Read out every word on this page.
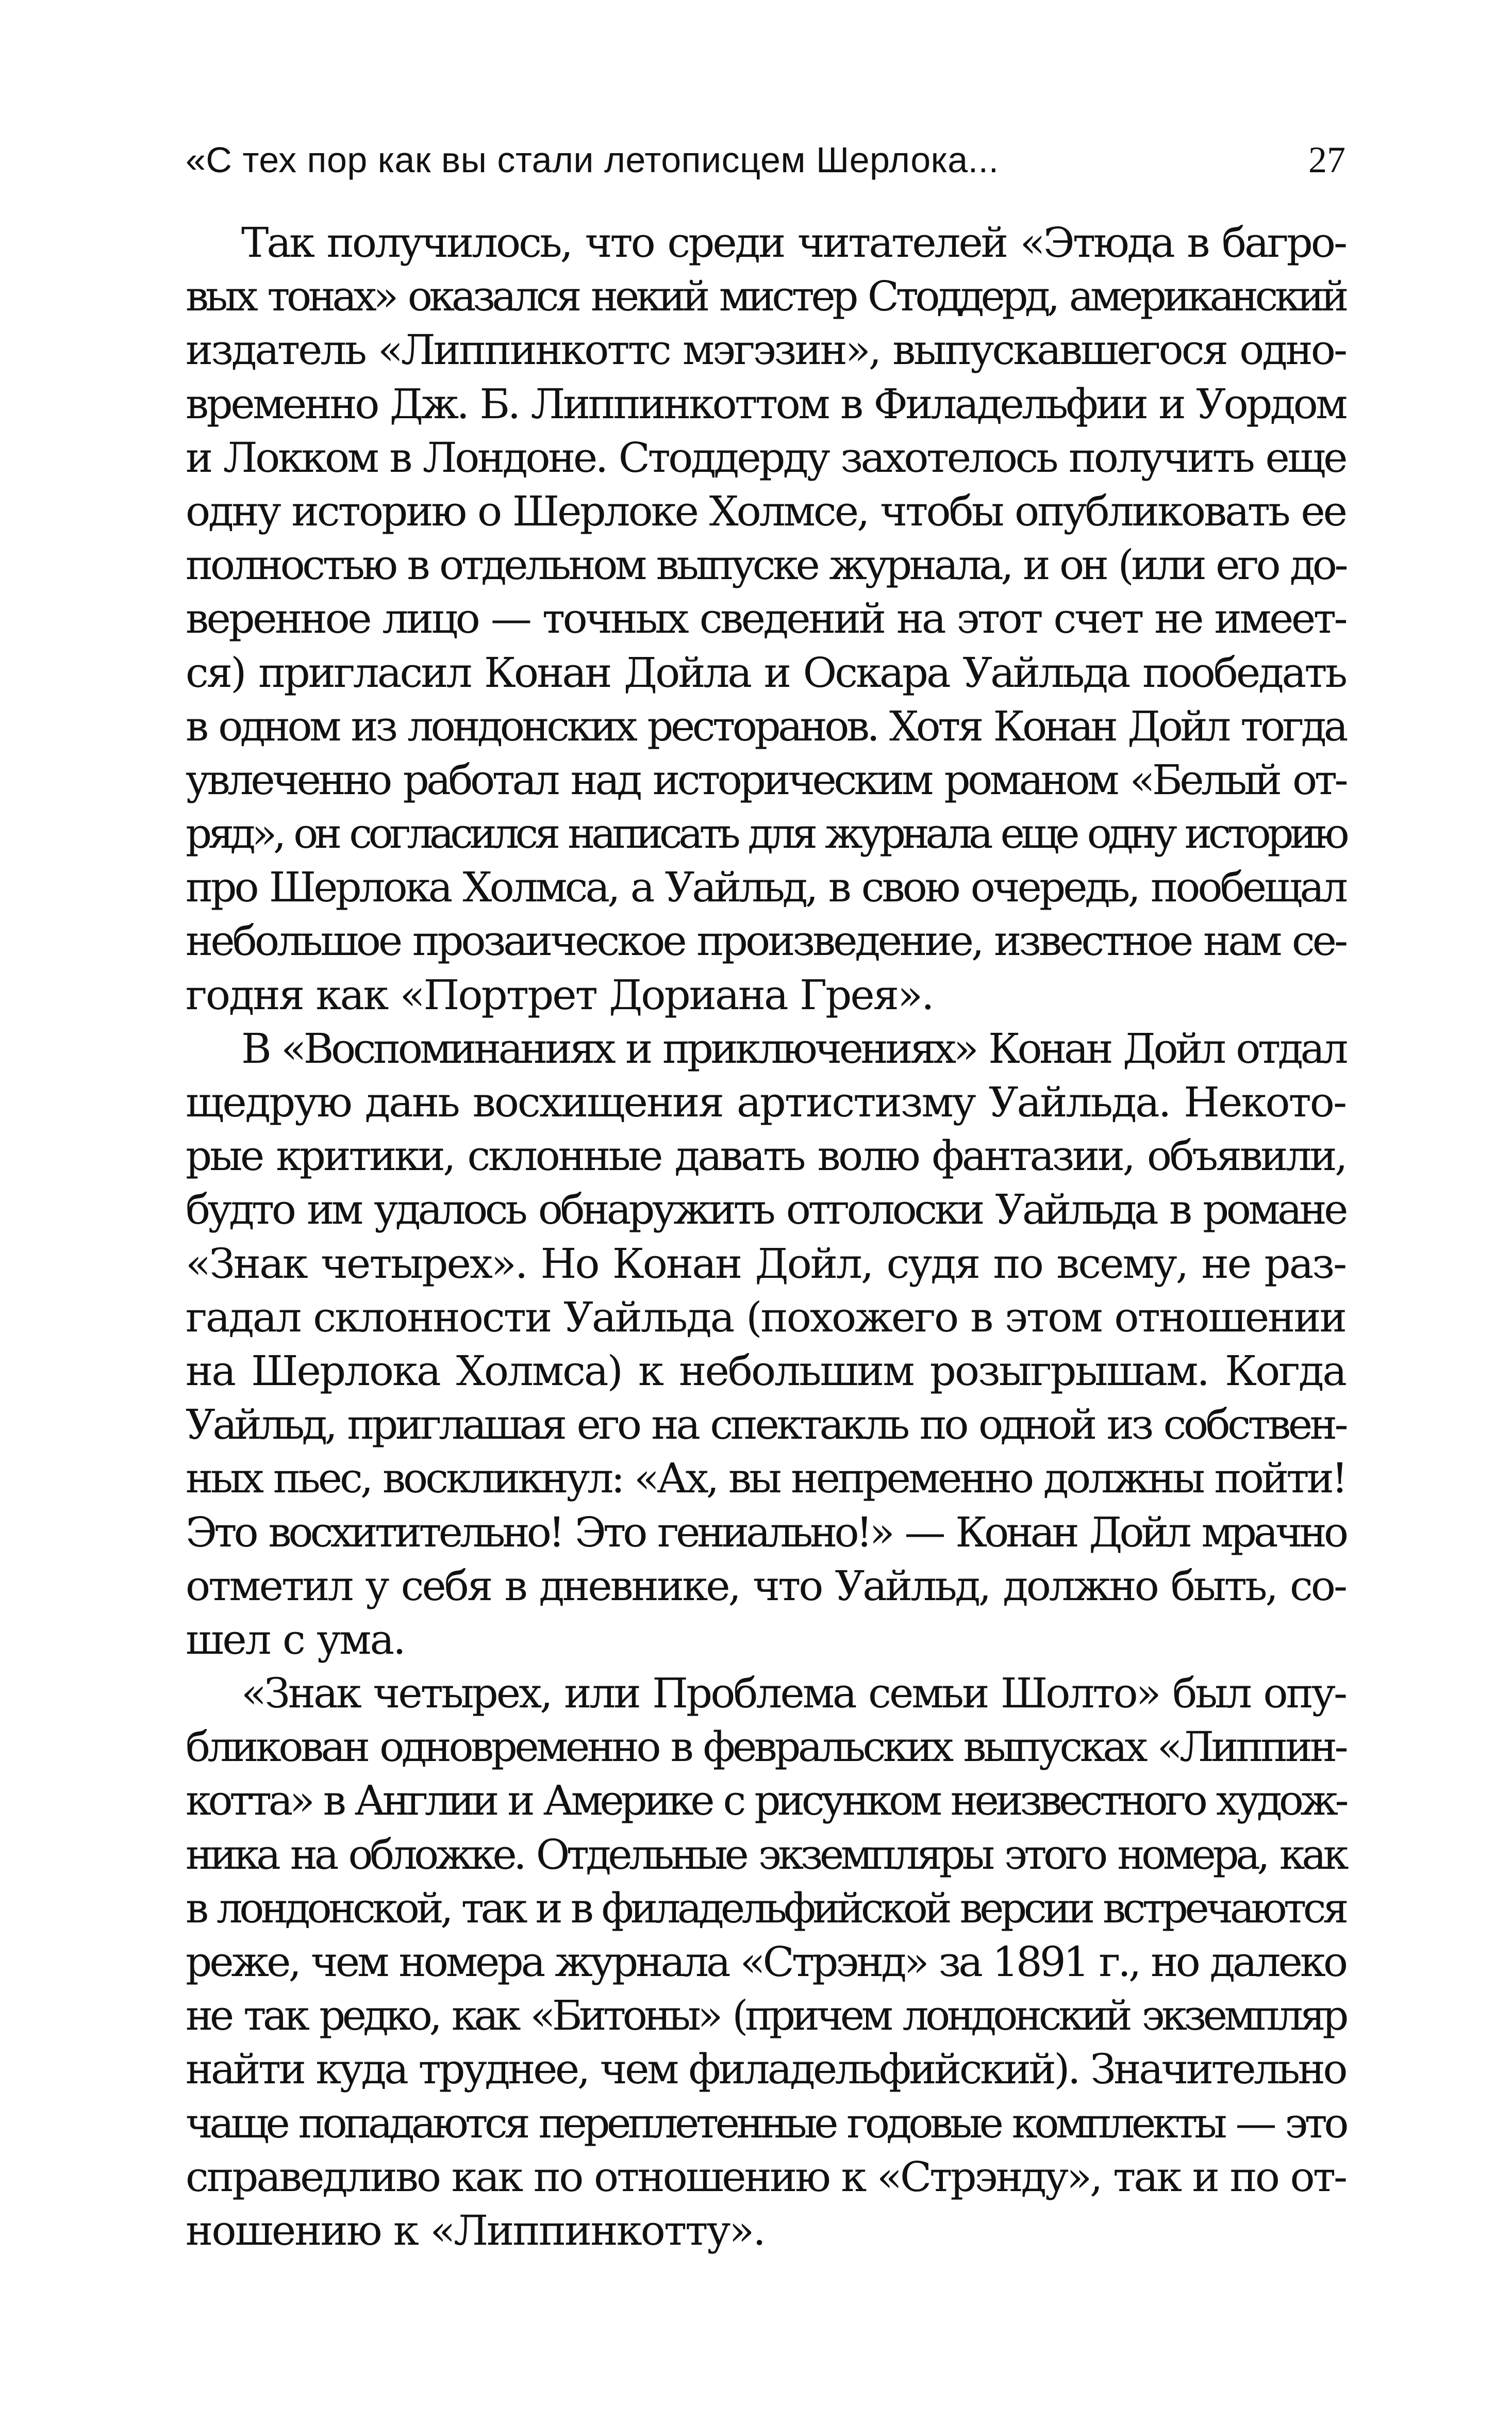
«С тех пор как вы стали летописцем Шерлока...	27

Так получилось, что среди читателей «Этюда в багро-
вых тонах» оказался некий мистер Стоддерд, американский
издатель «Липпинкоттс мэгэзин», выпускавшегося одно-
временно Дж. Б. Липпинкоттом в Филадельфии и Уордом
и Локком в Лондоне. Стоддерду захотелось получить еще
одну историю о Шерлоке Холмсе, чтобы опубликовать ее
полностью в отдельном выпуске журнала, и он (или его до-
веренное лицо — точных сведений на этот счет не имеет-
ся) пригласил Конан Дойла и Оскара Уайльда пообедать
в одном из лондонских ресторанов. Хотя Конан Дойл тогда
увлеченно работал над историческим романом «Белый от-
ряд», он согласился написать для журнала еще одну историю
про Шерлока Холмса, а Уайльд, в свою очередь, пообещал
небольшое прозаическое произведение, известное нам се-
годня как «Портрет Дориана Грея».

В «Воспоминаниях и приключениях» Конан Дойл отдал
щедрую дань восхищения артистизму Уайльда. Некото-
рые критики, склонные давать волю фантазии, объявили,
будто им удалось обнаружить отголоски Уайльда в романе
«Знак четырех». Но Конан Дойл, судя по всему, не раз-
гадал склонности Уайльда (похожего в этом отношении
на Шерлока Холмса) к небольшим розыгрышам. Когда
Уайльд, приглашая его на спектакль по одной из собствен-
ных пьес, воскликнул: «Ах, вы непременно должны пойти!
Это восхитительно! Это гениально!» — Конан Дойл мрачно
отметил у себя в дневнике, что Уайльд, должно быть, со-
шел с ума.

«Знак четырех, или Проблема семьи Шолто» был опу-
бликован одновременно в февральских выпусках «Липпин-
котта» в Англии и Америке с рисунком неизвестного худож-
ника на обложке. Отдельные экземпляры этого номера, как
в лондонской, так и в филадельфийской версии встречаются
реже, чем номера журнала «Стрэнд» за 1891 г., но далеко
не так редко, как «Битоны» (причем лондонский экземпляр
найти куда труднее, чем филадельфийский). Значительно
чаще попадаются переплетенные годовые комплекты — это
справедливо как по отношению к «Стрэнду», так и по от-
ношению к «Липпинкотту».
